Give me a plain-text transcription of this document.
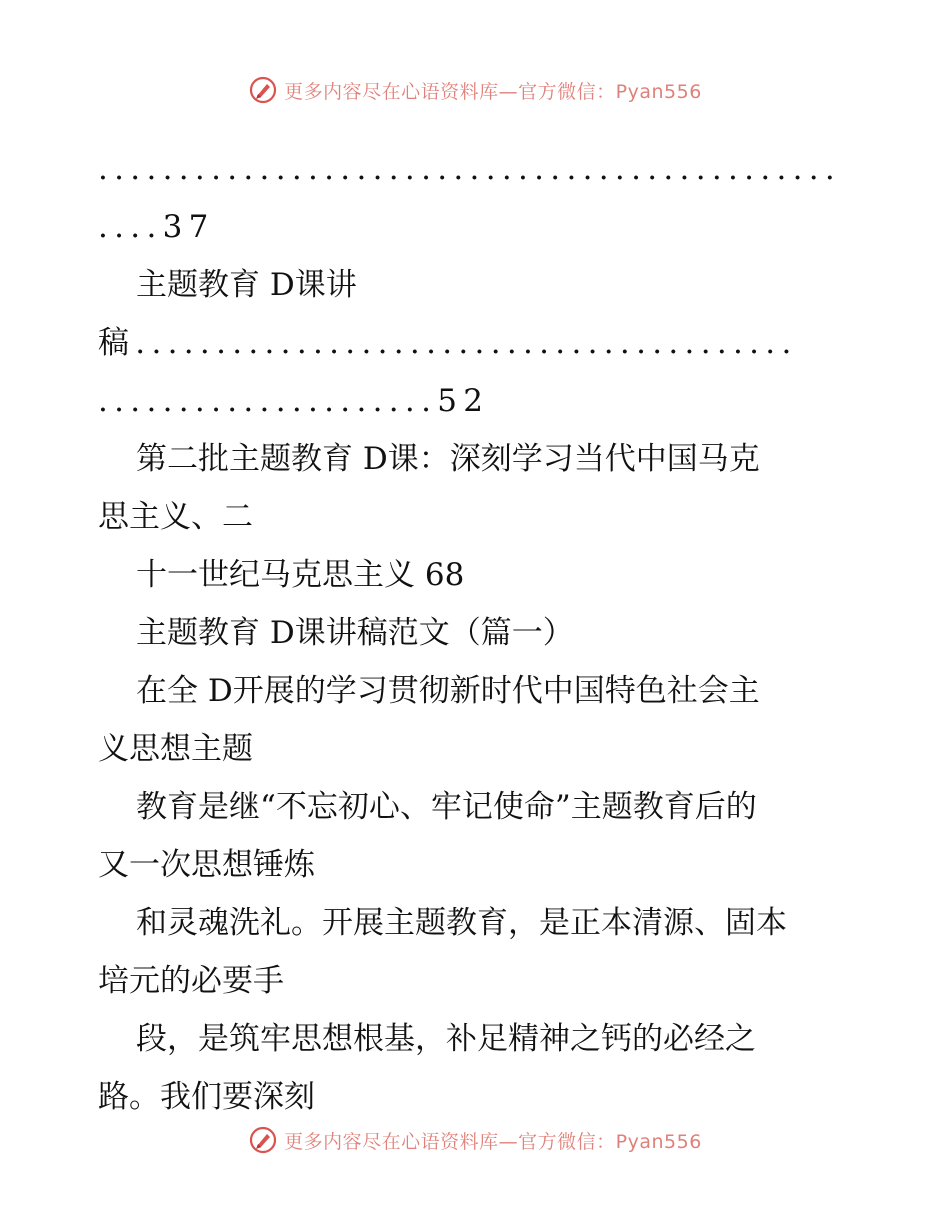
更多内容尽在心语资料库—官方微信：Pyan556
..............................................
....37
主题教育 D课讲
稿.........................................
.....................52
第二批主题教育 D课：深刻学习当代中国马克
思主义、二
十一世纪马克思主义 68
主题教育 D课讲稿范文（篇一）
在全 D开展的学习贯彻新时代中国特色社会主
义思想主题
教育是继“不忘初心、牢记使命”主题教育后的
又一次思想锤炼
和灵魂洗礼。开展主题教育，是正本清源、固本
培元的必要手
段，是筑牢思想根基，补足精神之钙的必经之
路。我们要深刻
更多内容尽在心语资料库—官方微信：Pyan556
